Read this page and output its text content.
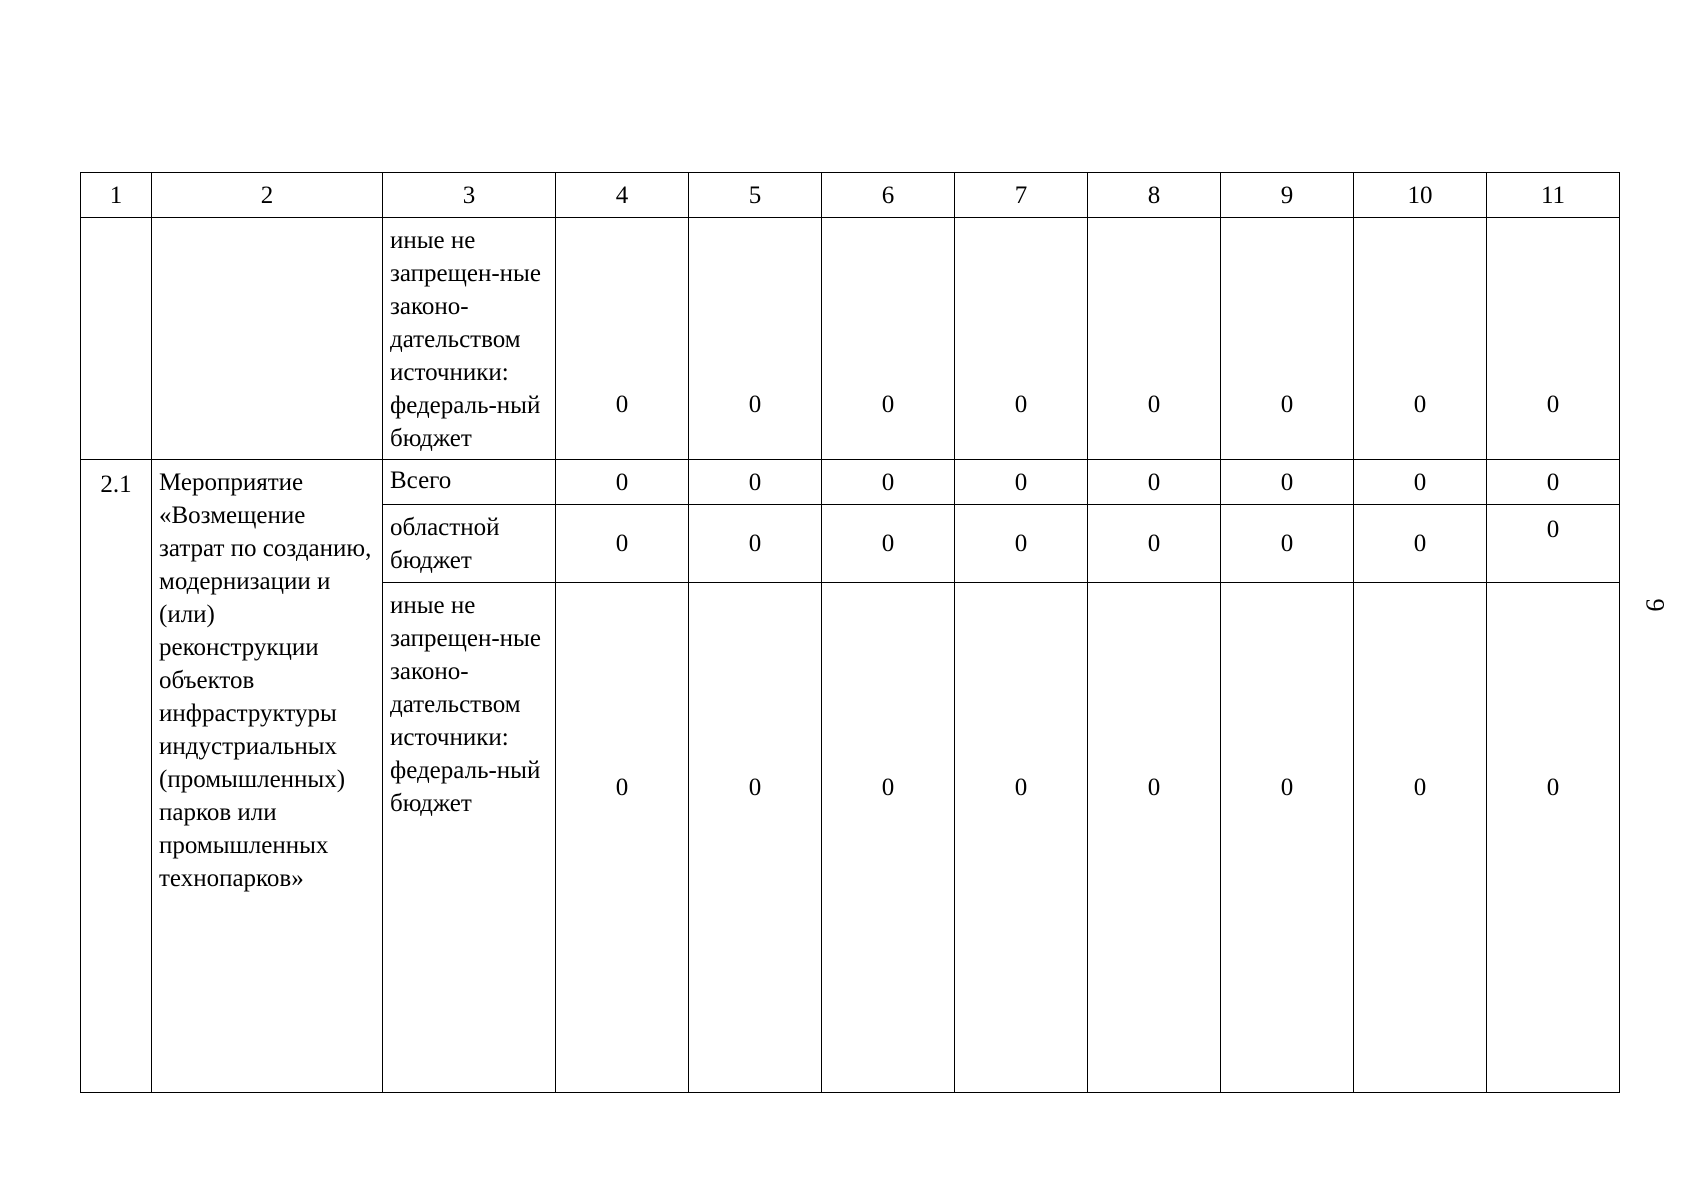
1	2	3	4	5	6	7	8	9	10	11
		иные не запрещен-ные законо-дательством источники: федераль-ный бюджет	0	0	0	0	0	0	0	0
2.1	Мероприятие «Возмещение затрат по созданию, модернизации и (или) реконструкции объектов инфраструктуры индустриальных (промышленных) парков или промышленных технопарков»	Всего	0	0	0	0	0	0	0	0
		областной бюджет	0	0	0	0	0	0	0	0
		иные не запрещен-ные законо-дательством источники: федераль-ный бюджет	0	0	0	0	0	0	0	0
9
